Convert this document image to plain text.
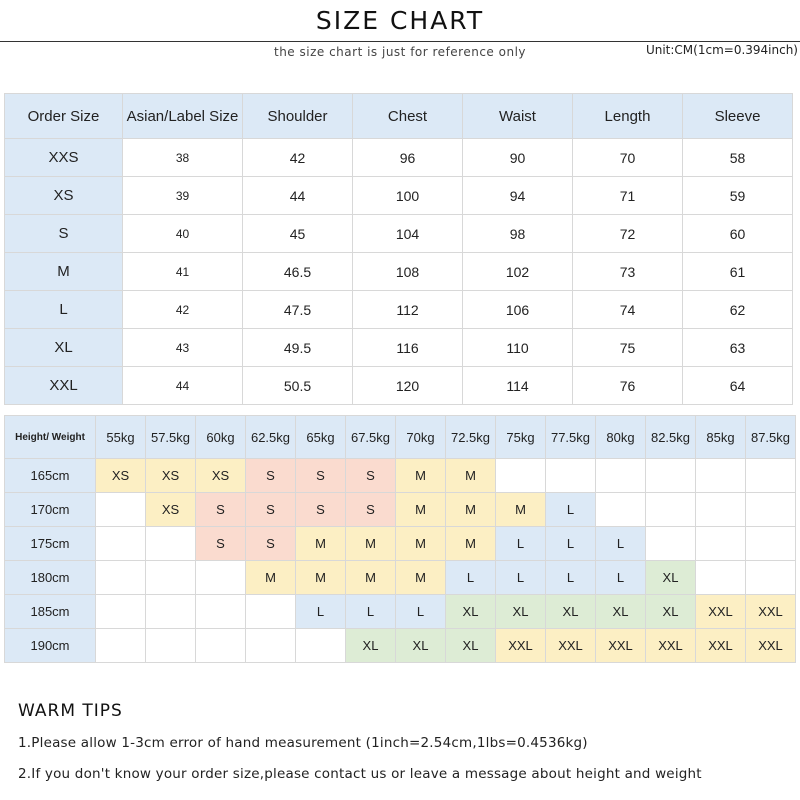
SIZE CHART
the size chart is just for reference only	Unit:CM(1cm=0.394inch)
Order Size	Asian/Label Size	Shoulder	Chest	Waist	Length	Sleeve
XXS	38	42	96	90	70	58
XS	39	44	100	94	71	59
S	40	45	104	98	72	60
M	41	46.5	108	102	73	61
L	42	47.5	112	106	74	62
XL	43	49.5	116	110	75	63
XXL	44	50.5	120	114	76	64
Height/ Weight	55kg	57.5kg	60kg	62.5kg	65kg	67.5kg	70kg	72.5kg	75kg	77.5kg	80kg	82.5kg	85kg	87.5kg
165cm	XS	XS	XS	S	S	S	M	M						
170cm		XS	S	S	S	S	M	M	M	L				
175cm			S	S	M	M	M	M	L	L	L			
180cm				M	M	M	M	L	L	L	L	XL		
185cm					L	L	L	XL	XL	XL	XL	XL	XXL	XXL
190cm						XL	XL	XL	XXL	XXL	XXL	XXL	XXL	XXL
WARM TIPS
1.Please allow 1-3cm error of hand measurement (1inch=2.54cm,1lbs=0.4536kg)
2.If you don't know your order size,please contact us or leave a message about height and weight
